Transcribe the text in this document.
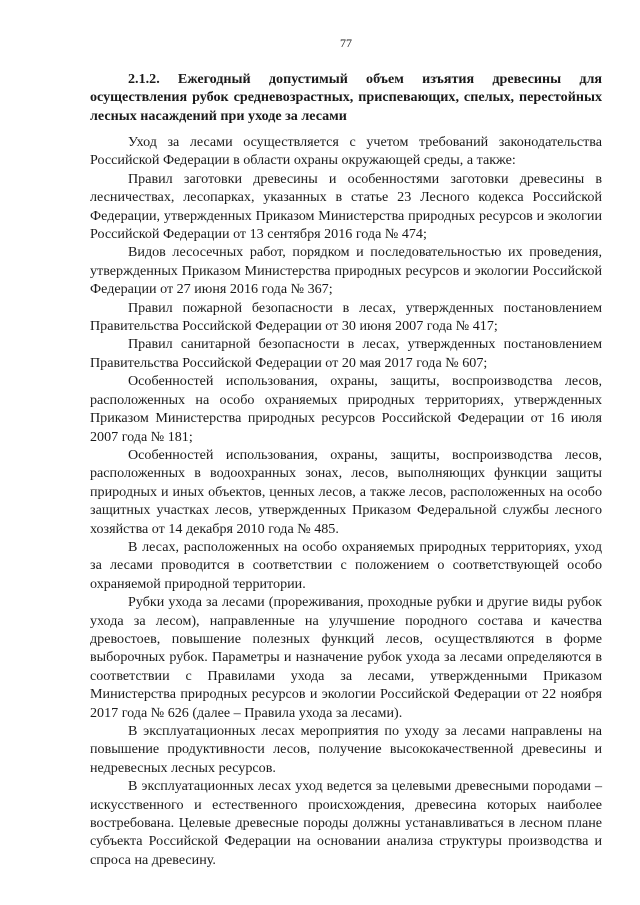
77
2.1.2. Ежегодный допустимый объем изъятия древесины для осуществления рубок средневозрастных, приспевающих, спелых, перестойных лесных насаждений при уходе за лесами

Уход за лесами осуществляется с учетом требований законодательства Российской Федерации в области охраны окружающей среды, а также:

Правил заготовки древесины и особенностями заготовки древесины в лесничествах, лесопарках, указанных в статье 23 Лесного кодекса Российской Федерации, утвержденных Приказом Министерства природных ресурсов и экологии Российской Федерации от 13 сентября 2016 года № 474;

Видов лесосечных работ, порядком и последовательностью их проведения, утвержденных Приказом Министерства природных ресурсов и экологии Российской Федерации от 27 июня 2016 года № 367;

Правил пожарной безопасности в лесах, утвержденных постановлением Правительства Российской Федерации от 30 июня 2007 года № 417;

Правил санитарной безопасности в лесах, утвержденных постановлением Правительства Российской Федерации от 20 мая 2017 года № 607;

Особенностей использования, охраны, защиты, воспроизводства лесов, расположенных на особо охраняемых природных территориях, утвержденных Приказом Министерства природных ресурсов Российской Федерации от 16 июля 2007 года № 181;

Особенностей использования, охраны, защиты, воспроизводства лесов, расположенных в водоохранных зонах, лесов, выполняющих функции защиты природных и иных объектов, ценных лесов, а также лесов, расположенных на особо защитных участках лесов, утвержденных Приказом Федеральной службы лесного хозяйства от 14 декабря 2010 года № 485.

В лесах, расположенных на особо охраняемых природных территориях, уход за лесами проводится в соответствии с положением о соответствующей особо охраняемой природной территории.

Рубки ухода за лесами (прореживания, проходные рубки и другие виды рубок ухода за лесом), направленные на улучшение породного состава и качества древостоев, повышение полезных функций лесов, осуществляются в форме выборочных рубок. Параметры и назначение рубок ухода за лесами определяются в соответствии с Правилами ухода за лесами, утвержденными Приказом Министерства природных ресурсов и экологии Российской Федерации от 22 ноября 2017 года № 626 (далее – Правила ухода за лесами).

В эксплуатационных лесах мероприятия по уходу за лесами направлены на повышение продуктивности лесов, получение высококачественной древесины и недревесных лесных ресурсов.

В эксплуатационных лесах уход ведется за целевыми древесными породами – искусственного и естественного происхождения, древесина которых наиболее востребована. Целевые древесные породы должны устанавливаться в лесном плане субъекта Российской Федерации на основании анализа структуры производства и спроса на древесину.
